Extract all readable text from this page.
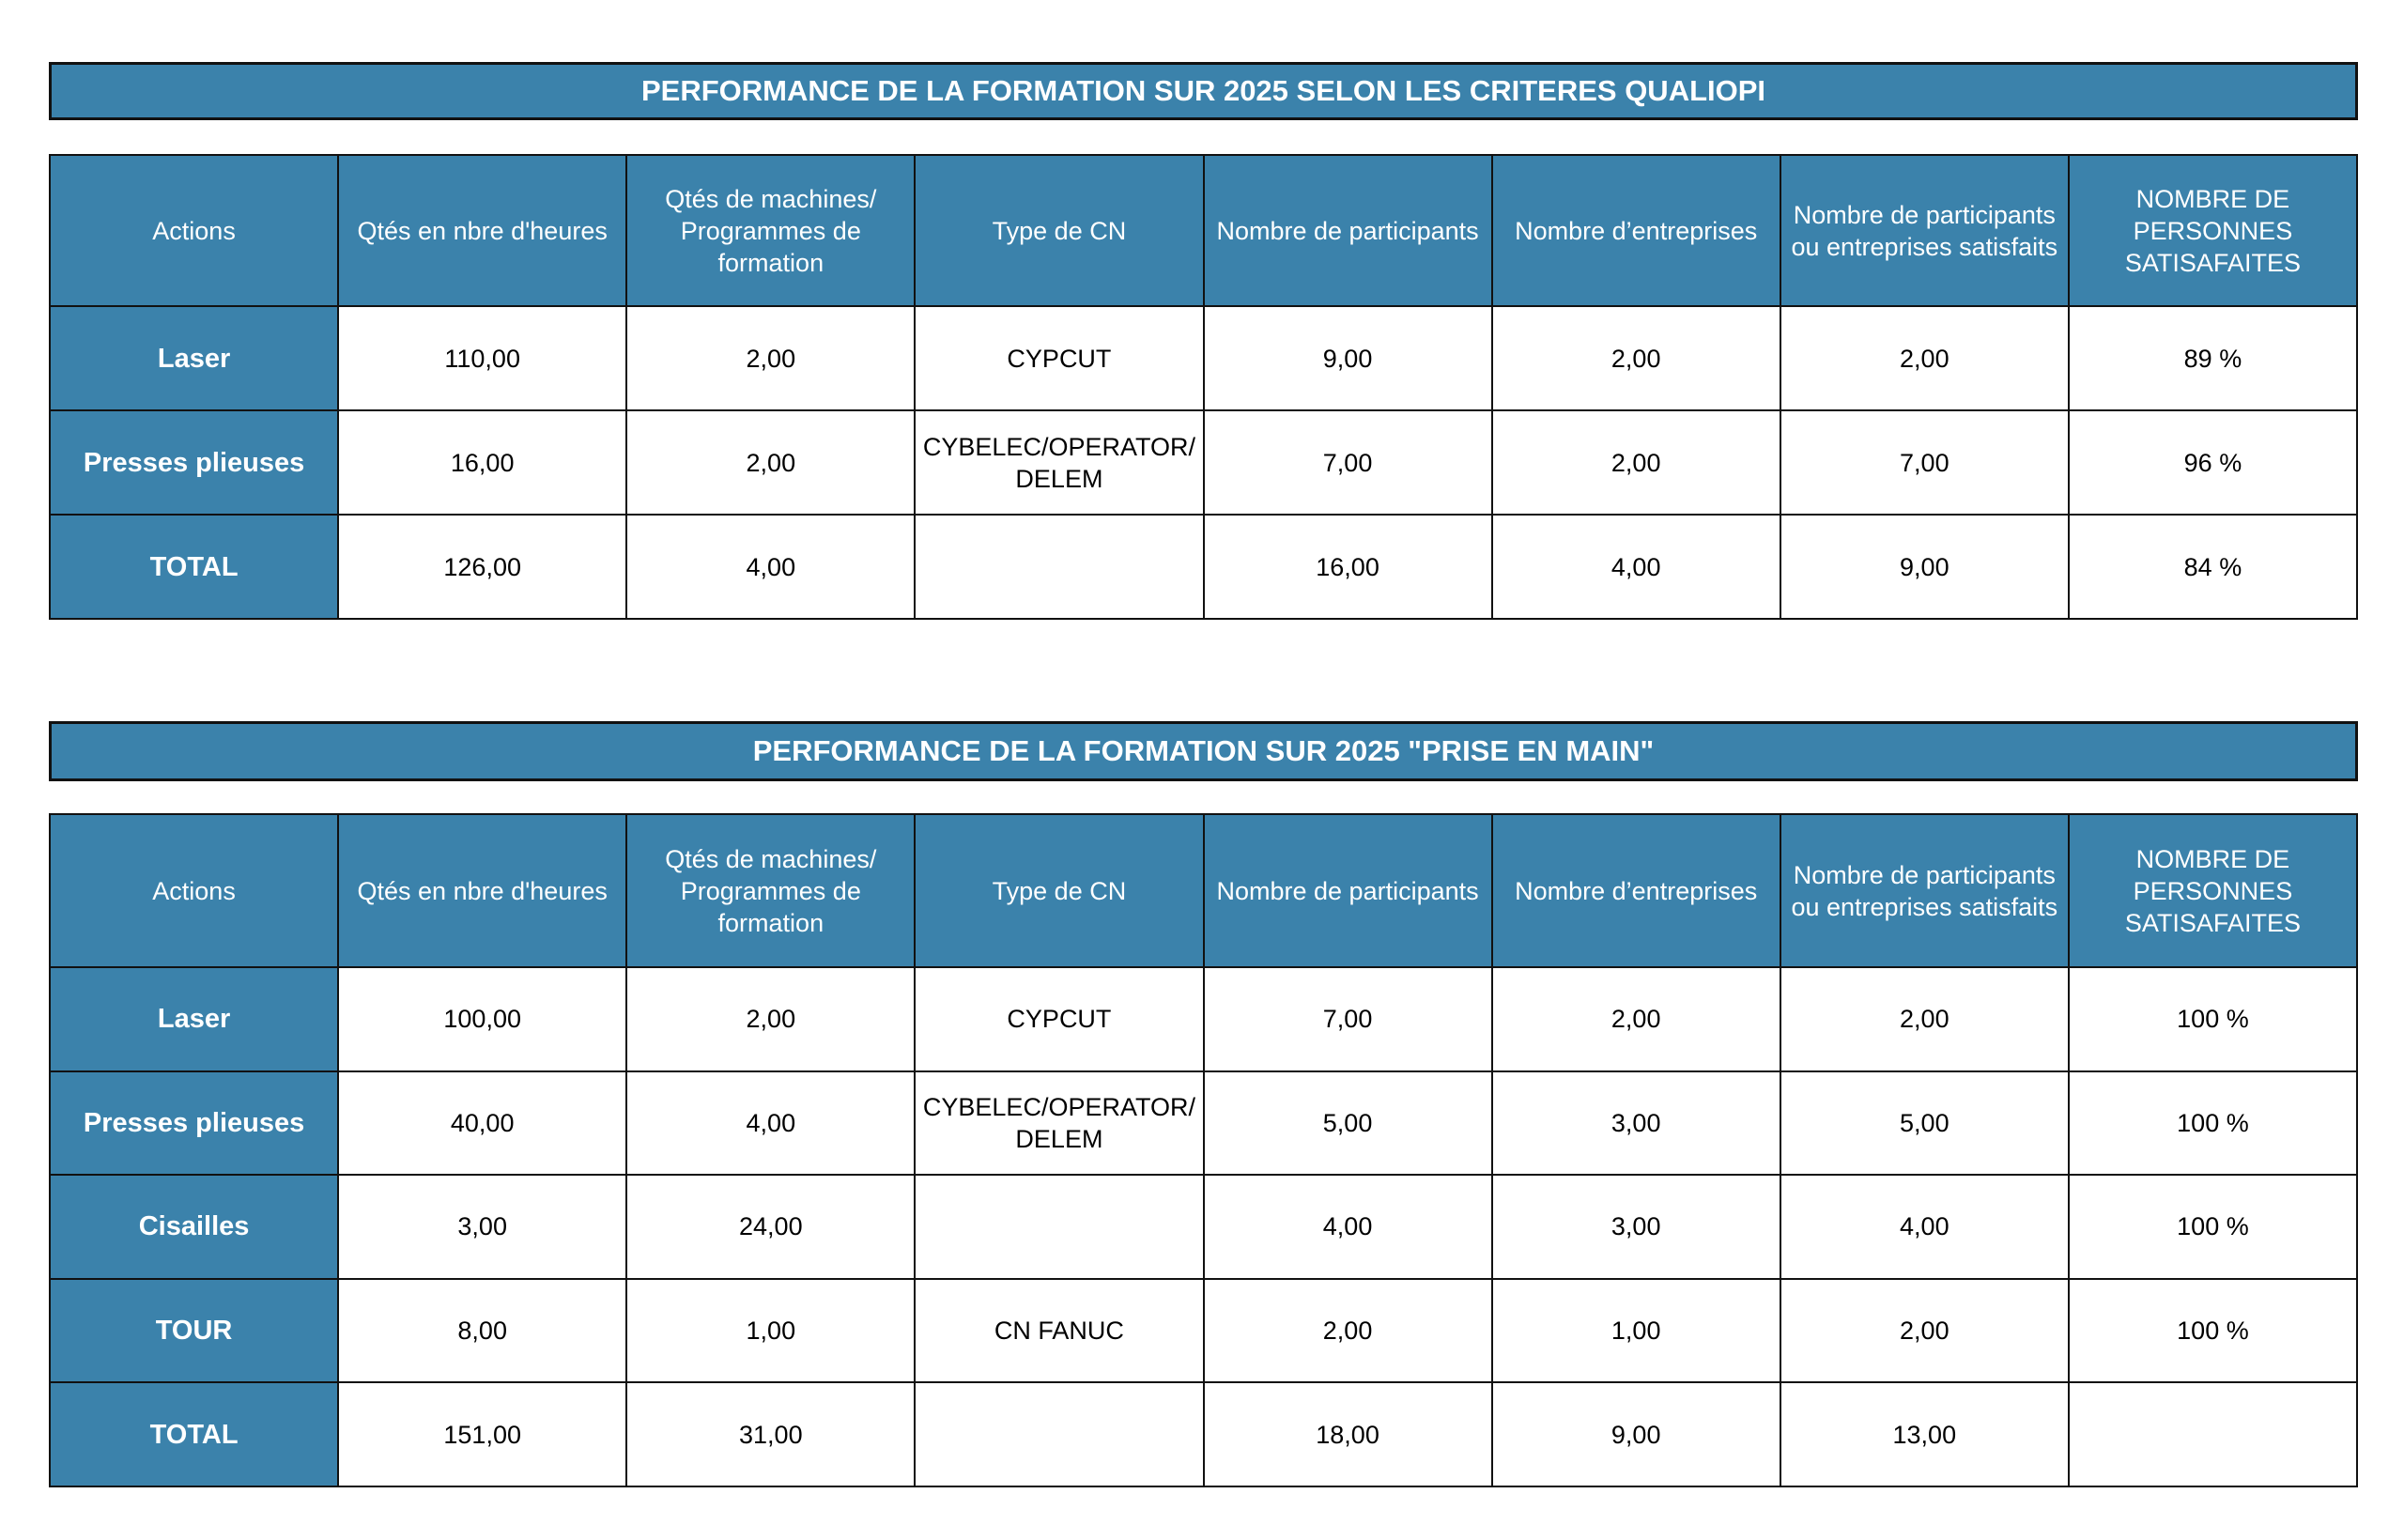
PERFORMANCE DE LA FORMATION SUR 2025 SELON LES CRITERES QUALIOPI
Actions	Qtés en nbre d'heures	Qtés de machines/ Programmes de formation	Type de CN	Nombre de participants	Nombre d’entreprises	Nombre de participants ou entreprises satisfaits	NOMBRE DE PERSONNES SATISAFAITES
Laser	110,00	2,00	CYPCUT	9,00	2,00	2,00	89 %
Presses plieuses	16,00	2,00	CYBELEC/OPERATOR/ DELEM	7,00	2,00	7,00	96 %
TOTAL	126,00	4,00		16,00	4,00	9,00	84 %
PERFORMANCE DE LA FORMATION SUR 2025 "PRISE EN MAIN"
Actions	Qtés en nbre d'heures	Qtés de machines/ Programmes de formation	Type de CN	Nombre de participants	Nombre d’entreprises	Nombre de participants ou entreprises satisfaits	NOMBRE DE PERSONNES SATISAFAITES
Laser	100,00	2,00	CYPCUT	7,00	2,00	2,00	100 %
Presses plieuses	40,00	4,00	CYBELEC/OPERATOR/ DELEM	5,00	3,00	5,00	100 %
Cisailles	3,00	24,00		4,00	3,00	4,00	100 %
TOUR	8,00	1,00	CN FANUC	2,00	1,00	2,00	100 %
TOTAL	151,00	31,00		18,00	9,00	13,00	
